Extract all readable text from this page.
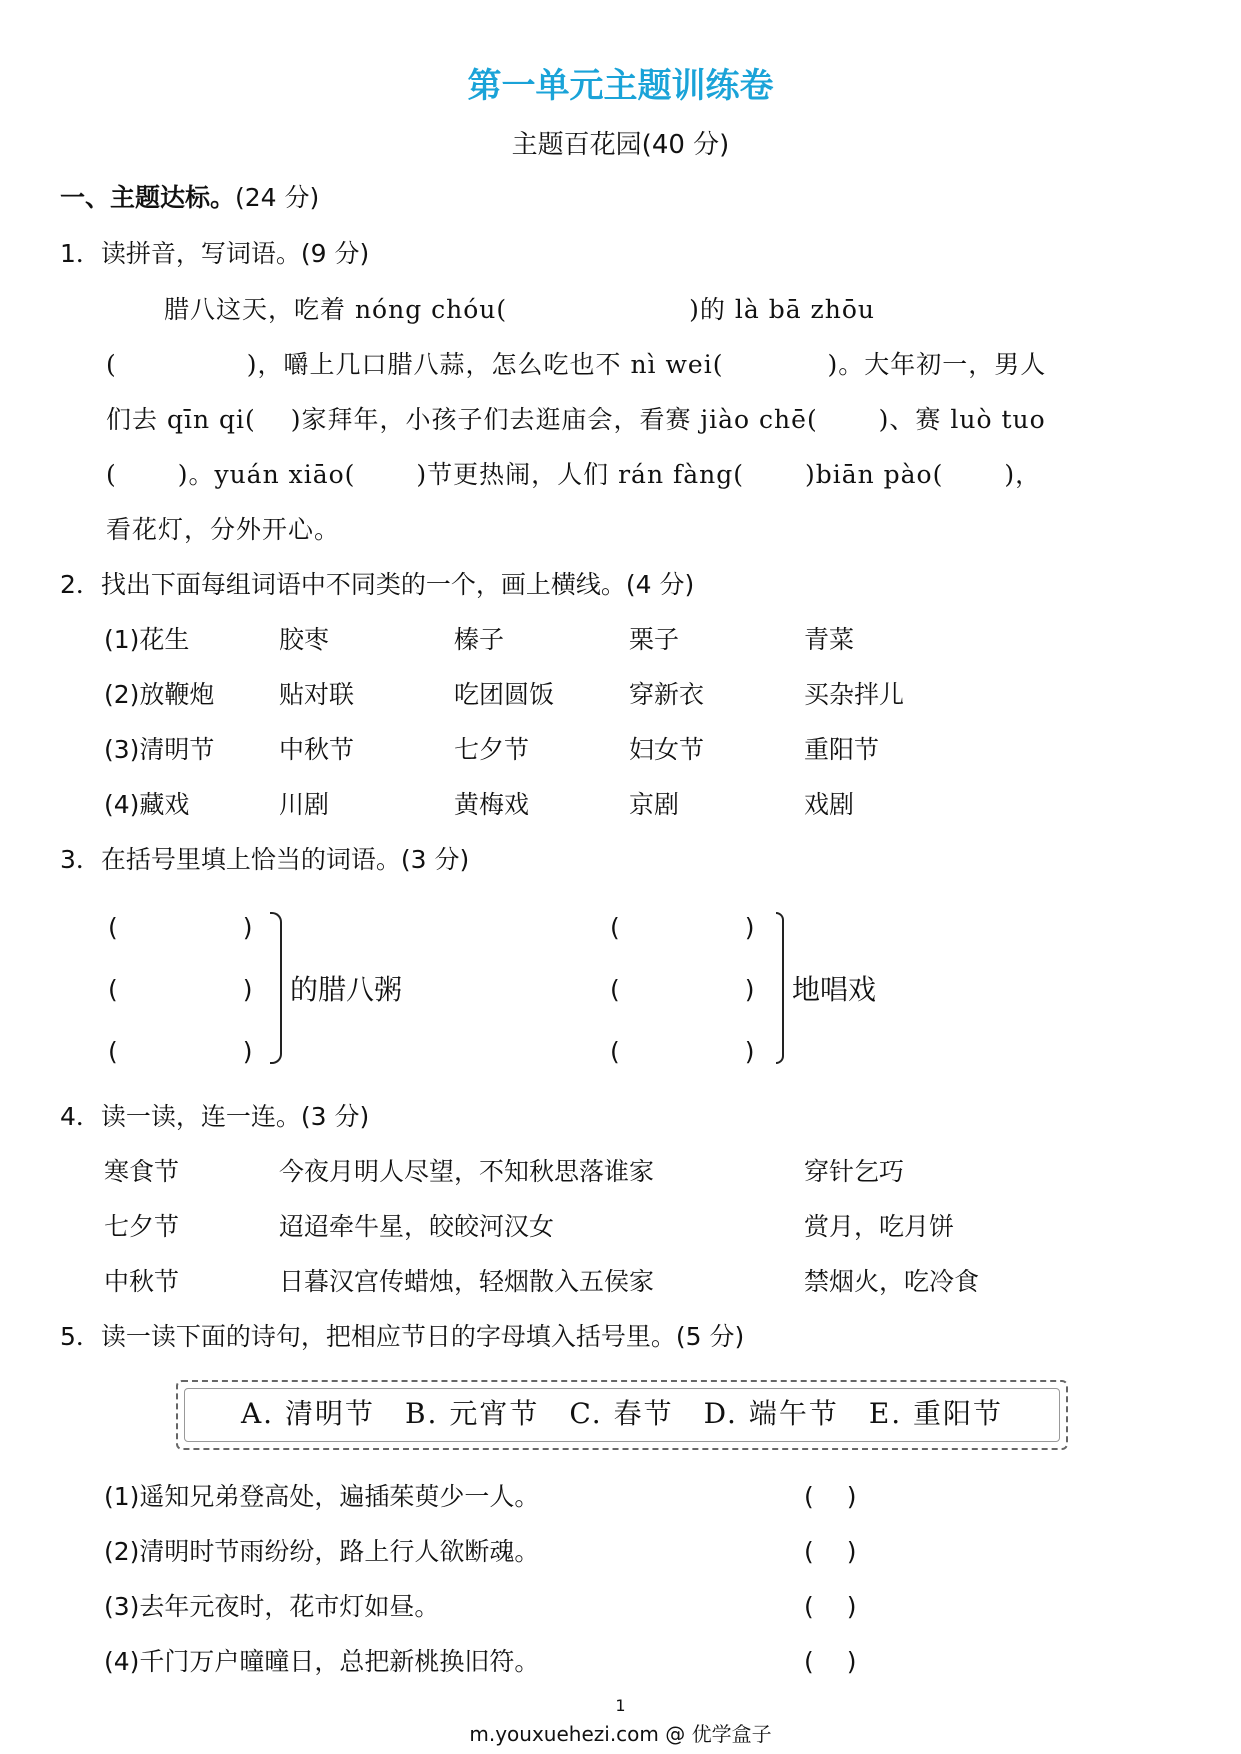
第一单元主题训练卷
主题百花园(40 分)
一、主题达标。(24 分)
1．读拼音，写词语。(9 分)
腊八这天，吃着 nóng chóu(　　　　　　　)的 là bā zhōu
(　　　　　)，嚼上几口腊八蒜，怎么吃也不 nì wei(　　　　)。大年初一，男人
们去 qīn qi(　 )家拜年，小孩子们去逛庙会，看赛 jiào chē(　　 )、赛 luò tuo
(　　 )。yuán xiāo(　　 )节更热闹，人们 rán fàng(　　 )biān pào(　　 )，
看花灯，分外开心。
2．找出下面每组词语中不同类的一个，画上横线。(4 分)
(1)花生	胶枣	榛子	栗子	青菜
(2)放鞭炮	贴对联	吃团圆饭	穿新衣	买杂拌儿
(3)清明节	中秋节	七夕节	妇女节	重阳节
(4)藏戏	川剧	黄梅戏	京剧	戏剧
3．在括号里填上恰当的词语。(3 分)
(　　　　　)
(　　　　　)
(　　　　　)
的腊八粥
(　　　　　)
(　　　　　)
(　　　　　)
地唱戏
4．读一读，连一连。(3 分)
寒食节	今夜月明人尽望，不知秋思落谁家	穿针乞巧
七夕节	迢迢牵牛星，皎皎河汉女	赏月，吃月饼
中秋节	日暮汉宫传蜡烛，轻烟散入五侯家	禁烟火，吃冷食
5．读一读下面的诗句，把相应节日的字母填入括号里。(5 分)
A. 清明节　B. 元宵节　C. 春节　D. 端午节　E. 重阳节
(1)遥知兄弟登高处，遍插茱萸少一人。	(　 )
(2)清明时节雨纷纷，路上行人欲断魂。	(　 )
(3)去年元夜时，花市灯如昼。	(　 )
(4)千门万户曈曈日，总把新桃换旧符。	(　 )
1
m.youxuehezi.com @ 优学盒子
